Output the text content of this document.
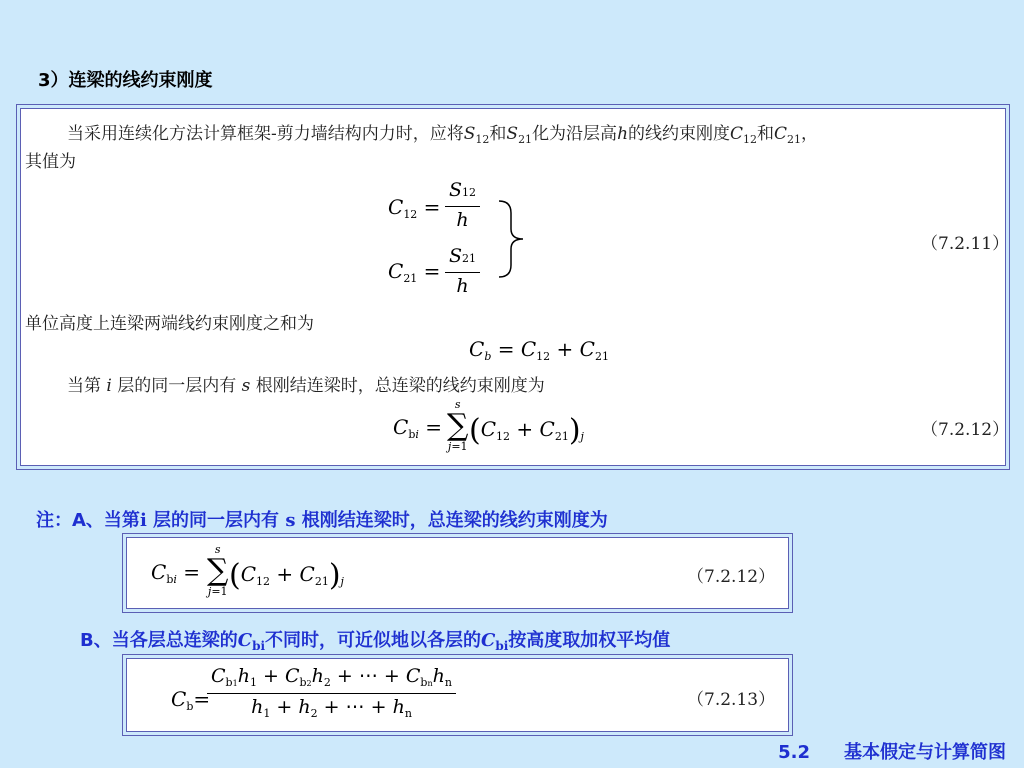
3）连梁的线约束刚度
当采用连续化方法计算框架-剪力墙结构内力时，应将$S_{12}$和$S_{21}$化为沿层高h的线约束刚度$C_{12}$和$C_{21}$，
其值为
$C_{12} = \frac{S12}{h}$
$C_{21} = \frac{S21}{h}$	（7.2.11）
单位高度上连梁两端线约束刚度之和为
$C_b = C_{12} + C_{21}$
当第 i 层的同一层内有 s 根刚结连梁时，总连梁的线约束刚度为
$C_{bi}$ =
s
∑
j=1 $(C_{12} + C_{21})_j$	（7.2.12）
注：A、当第i 层的同一层内有 s 根刚结连梁时，总连梁的线约束刚度为
$C_{bi}$ =
s
∑
j=1 $(C_{12} + C_{21})_j$	（7.2.12）
B、当各层总连梁的$C_{bi}$不同时，可近似地以各层的$C_{bi}$按高度取加权平均值
$C_b=$
$C_{b1}h_1 + C_{b2}h_2$ + ⋯ + $C_{bn}h_n$
$h_1 + h_2$ + ⋯ + $h_n$
（7.2.13）
5.2 基本假定与计算简图
